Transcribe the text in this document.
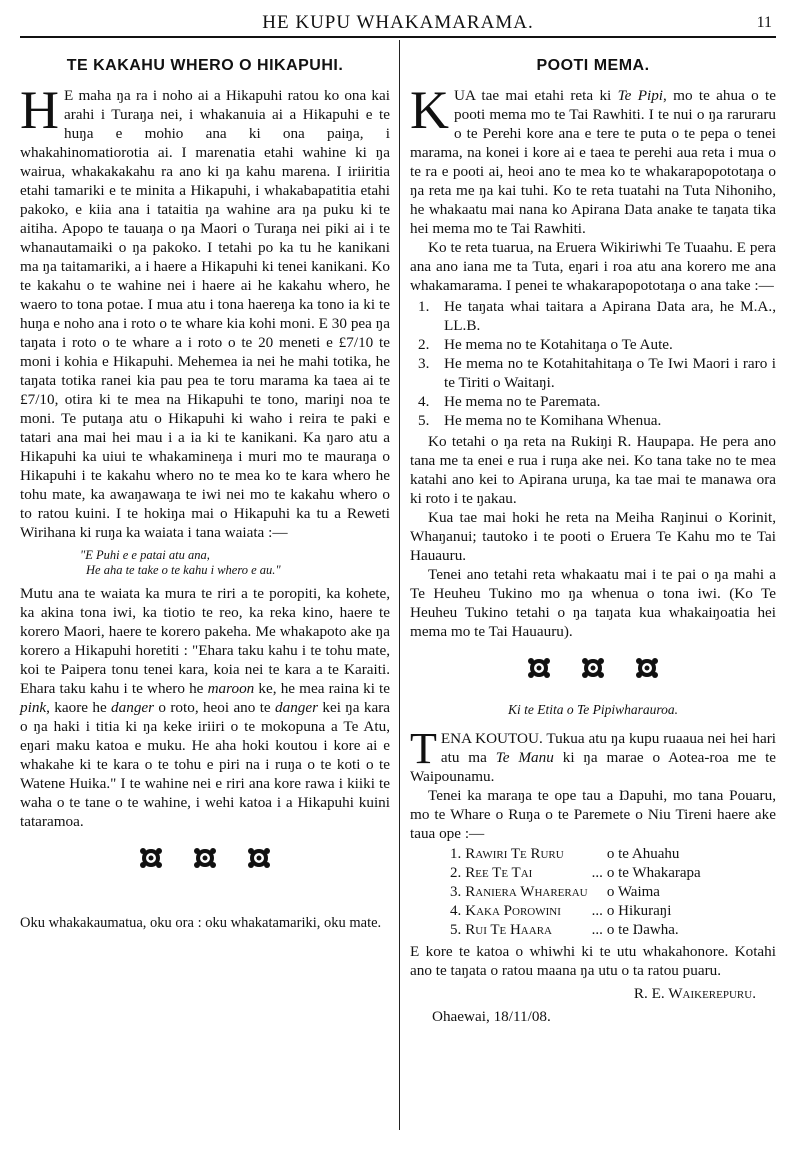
HE KUPU WHAKAMARAMA.	11
TE KAKAHU WHERO O HIKAPUHI.

H E maha ŋa ra i noho ai a Hikapuhi ratou ko ona kai arahi i Turaŋa nei, i whakanuia ai a Hikapuhi e te huŋa e mohio ana ki ona paiŋa, i whakahinomatiorotia ai. I marenatia etahi wahine ki ŋa wairua, whakakakahu ra ano ki ŋa kahu marena. I iriiritia etahi tamariki e te minita a Hikapuhi, i whakabapatitia etahi pakoko, e kiia ana i tataitia ŋa wahine ara ŋa puku ki te aitiha. Apopo te tauaŋa o ŋa Maori o Turaŋa nei piki ai i te whanautamaiki o ŋa pakoko. I tetahi po ka tu he kanikani ma ŋa taitamariki, a i haere a Hikapuhi ki tenei kanikani. Ko te kakahu o te wahine nei i haere ai he kakahu whero, he waero to tona potae. I mua atu i tona haereŋa ka tono ia ki te huŋa e noho ana i roto o te whare kia kohi moni. E 30 pea ŋa taŋata i roto o te whare a i roto o te 20 meneti e £7/10 te moni i kohia e Hikapuhi. Mehemea ia nei he mahi totika, he taŋata totika ranei kia pau pea te toru marama ka taea ai te £7/10, otira ki te mea na Hikapuhi te tono, mariŋi noa te moni. Te putaŋa atu o Hikapuhi ki waho i reira te paki e tatari ana mai hei mau i a ia ki te kanikani. Ka ŋaro atu a Hikapuhi ka uiui te whakamineŋa i muri mo te mauraŋa o Hikapuhi i te kakahu whero no te mea ko te kara whero he tohu mate, ka awaŋawaŋa te iwi nei mo te kakahu whero o to ratou kuini. I te hokiŋa mai o Hikapuhi ka tu a Reweti Wirihana ki ruŋa ka waiata i tana waiata :—

"E Puhi e e patai atu ana,
He aha te take o te kahu i whero e au."

Mutu ana te waiata ka mura te riri a te poropiti, ka kohete, ka akina tona iwi, ka tiotio te reo, ka reka kino, haere te korero Maori, haere te korero pakeha. Me whakapoto ake ŋa korero a Hikapuhi horetiti : "Ehara taku kahu i te tohu mate, koi te Paipera tonu tenei kara, koia nei te kara a te Karaiti. Ehara taku kahu i te whero he maroon ke, he mea raina ki te pink, kaore he danger o roto, heoi ano te danger kei ŋa kara o ŋa haki i titia ki ŋa keke iriiri o te mokopuna a Te Atu, eŋari maku katoa e muku. He aha hoki koutou i kore ai e whakahe ki te kara o te tohu e piri na i ruŋa o te koti o te Watene Huika." I te wahine nei e riri ana kore rawa i kiiki te waha o te tane o te wahine, i wehi katoa i a Hikapuhi kuini tataramoa.

Oku whakakaumatua, oku ora : oku whakatamariki, oku mate.

POOTI MEMA.

KUA tae mai etahi reta ki Te Pipi, mo te ahua o te pooti mema mo te Tai Rawhiti. I te nui o ŋa raruraru o te Perehi kore ana e tere te puta o te pepa o tenei marama, na konei i kore ai e taea te perehi aua reta i mua o te ra e pooti ai, heoi ano te mea ko te whakarapopototaŋa o ŋa reta me ŋa kai tuhi. Ko te reta tuatahi na Tuta Nihoniho, he whakaatu mai nana ko Apirana Ŋata anake te taŋata tika hei mema mo te Tai Rawhiti.

Ko te reta tuarua, na Eruera Wikiriwhi Te Tuaahu. E pera ana ano iana me ta Tuta, eŋari i roa atu ana korero me ana whakamarama. I penei te whakarapopototaŋa o ana take :—

1. He taŋata whai taitara a Apirana Ŋata ara, he M.A., LL.B.
2. He mema no te Kotahitaŋa o Te Aute.
3. He mema no te Kotahitahitaŋa o Te Iwi Maori i raro i te Tiriti o Waitaŋi.
4. He mema no te Paremata.
5. He mema no te Komihana Whenua.

Ko tetahi o ŋa reta na Rukiŋi R. Haupapa. He pera ano tana me ta enei e rua i ruŋa ake nei. Ko tana take no te mea katahi ano kei to Apirana uruŋa, ka tae mai te manawa ora ki roto i te ŋakau.

Kua tae mai hoki he reta na Meiha Raŋinui o Korinit, Whaŋanui; tautoko i te pooti o Eruera Te Kahu mo te Tai Hauauru.

Tenei ano tetahi reta whakaatu mai i te pai o ŋa mahi a Te Heuheu Tukino mo ŋa whenua o tona iwi. (Ko Te Heuheu Tukino tetahi o ŋa taŋata kua whakaiŋoatia hei mema mo te Tai Hauauru).

Ki te Etita o Te Pipiwharauroa.

TENA KOUTOU. Tukua atu ŋa kupu ruaaua nei hei hari atu ma Te Manu ki ŋa marae o Aotea-roa me te Waipounamu.

Tenei ka maraŋa te ope tau a Ŋapuhi, mo tana Pouaru, mo te Whare o Ruŋa o te Paremete o Niu Tireni haere ake taua ope :—

1.	Rawiri Te Ruru		o te Ahuahu
2.	Ree Te Tai	...	o te Whakarapa
3.	Raniera Wharerau		o Waima
4.	Kaka Porowini	...	o Hikuraŋi
5.	Rui Te Haara	...	o te Ŋawha.

E kore te katoa o whiwhi ki te utu whakahonore. Kotahi ano te taŋata o ratou maana ŋa utu o ta ratou puaru.

R. E. Waikerepuru.
Ohaewai, 18/11/08.
